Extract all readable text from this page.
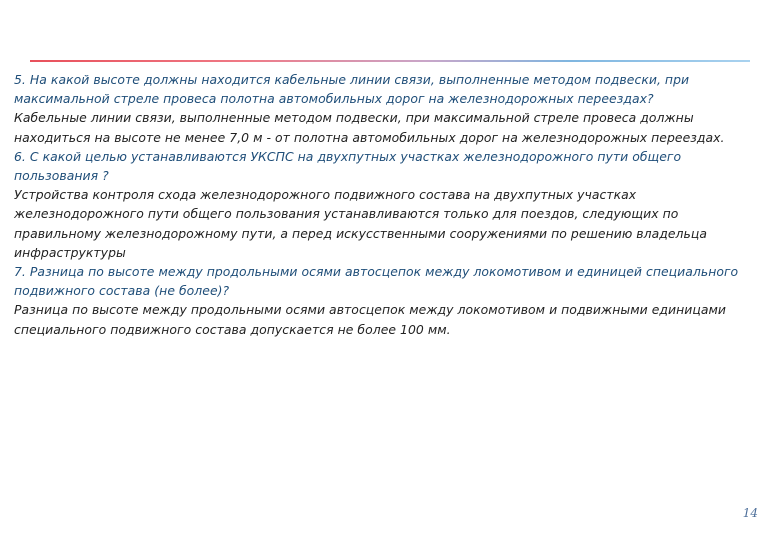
5. На какой высоте должны находится кабельные линии связи, выполненные методом подвески, при максимальной стреле провеса полотна автомобильных дорог на железнодорожных переездах?

Кабельные линии связи, выполненные методом подвески, при максимальной стреле провеса должны находиться на высоте не менее 7,0 м - от полотна автомобильных дорог на железнодорожных переездах.

6. С какой целью устанавливаются УКСПС на двухпутных участках железнодорожного пути общего пользования ?

Устройства контроля схода железнодорожного подвижного состава на двухпутных участках железнодорожного пути общего пользования устанавливаются только для поездов, следующих по правильному железнодорожному пути, а перед искусственными сооружениями по решению владельца инфраструктуры

7. Разница по высоте между продольными осями автосцепок между локомотивом и единицей специального подвижного состава (не более)?

Разница по высоте между продольными осями автосцепок между локомотивом и подвижными единицами специального подвижного состава допускается не более 100 мм.

14
